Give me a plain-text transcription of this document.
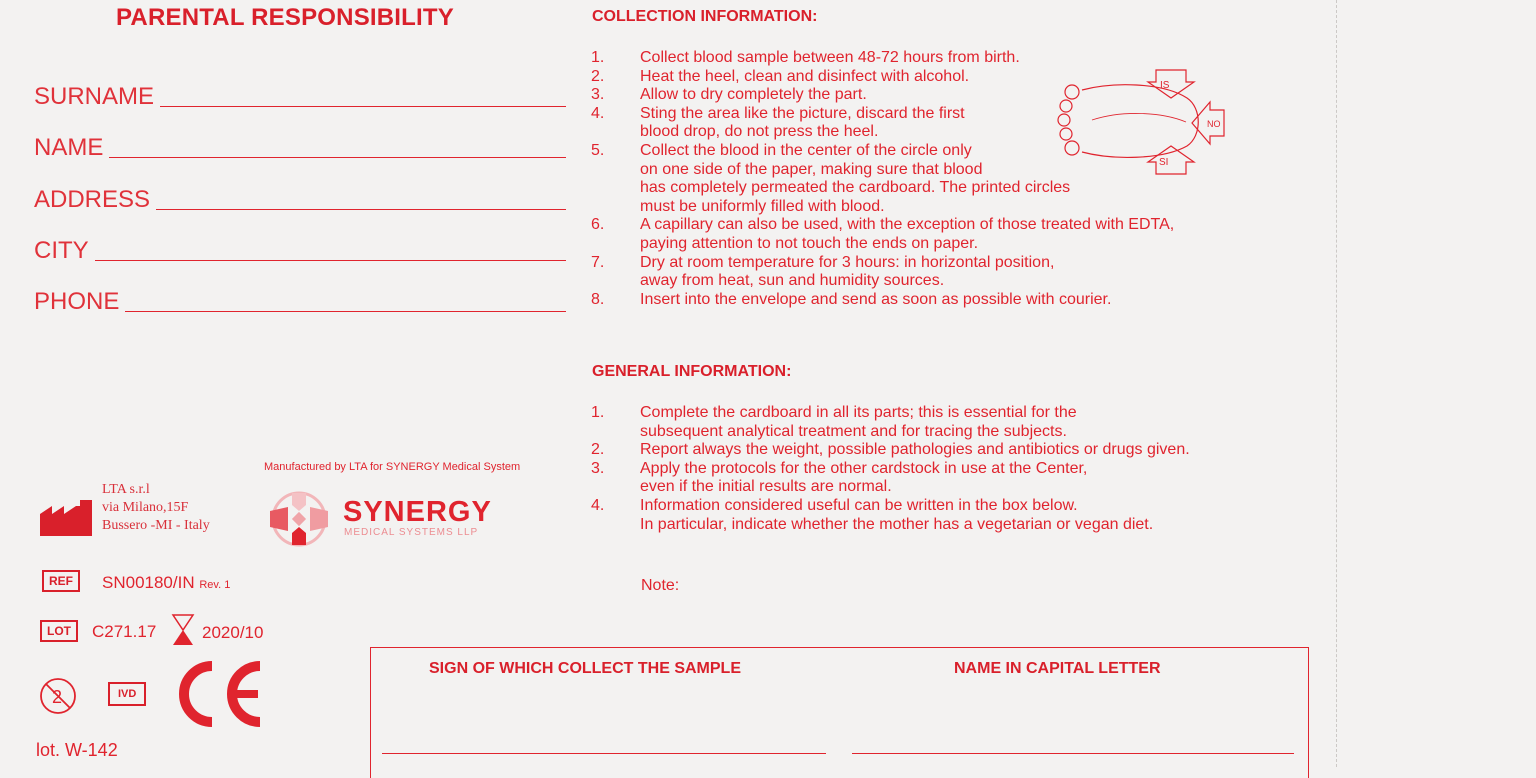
PARENTAL RESPONSIBILITY
SURNAME
NAME
ADDRESS
CITY
PHONE
COLLECTION INFORMATION:
1.	Collect blood sample between 48-72 hours from birth.
2.	Heat the heel, clean and disinfect with alcohol.
3.	Allow to dry completely the part.
4.	Sting the area like the picture, discard the first
blood drop, do not press the heel.
5.	Collect the blood in the center of the circle only
on one side of the paper, making sure that blood
has completely permeated the cardboard. The printed circles
must be uniformly filled with blood.
6.	A capillary can also be used, with the exception of those treated with EDTA,
paying attention to not touch the ends on paper.
7.	Dry at room temperature for 3 hours: in horizontal position,
away from heat, sun and humidity sources.
8.	Insert into the envelope and send as soon as possible with courier.
IS
NO
SI
GENERAL INFORMATION:
1.	Complete the cardboard in all its parts; this is essential for the
subsequent analytical treatment and for tracing the subjects.
2.	Report always the weight, possible pathologies and antibiotics or drugs given.
3.	Apply the protocols for the other cardstock in use at the Center,
even if the initial results are normal.
4.	Information considered useful can be written in the box below.
In particular, indicate whether the mother has a vegetarian or vegan diet.
Note:
Manufactured by LTA for SYNERGY Medical System
LTA s.r.l
via Milano,15F
Bussero -MI - Italy	SYNERGY
MEDICAL SYSTEMS LLP
REF	SN00180/IN Rev. 1
LOT	C271.17	2020/10
2	IVD
lot. W-142
SIGN OF WHICH COLLECT THE SAMPLE	NAME IN CAPITAL LETTER
